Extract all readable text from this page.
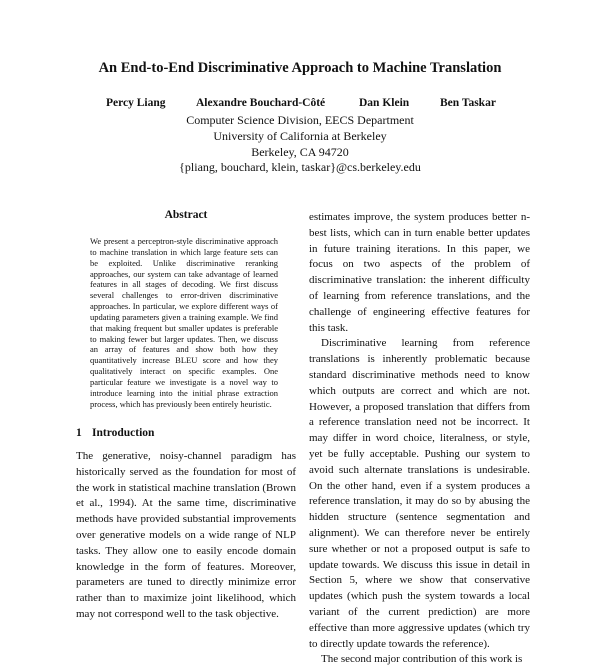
An End-to-End Discriminative Approach to Machine Translation
Percy Liang	Alexandre Bouchard-Côté	Dan Klein	Ben Taskar
Computer Science Division, EECS Department
University of California at Berkeley
Berkeley, CA 94720
{pliang, bouchard, klein, taskar}@cs.berkeley.edu
Abstract

We present a perceptron-style discriminative approach to machine translation in which large feature sets can be exploited. Unlike discriminative reranking approaches, our system can take advantage of learned features in all stages of decoding. We first discuss several challenges to error-driven discriminative approaches. In particular, we explore different ways of updating parameters given a training example. We find that making frequent but smaller updates is preferable to making fewer but larger updates. Then, we discuss an array of features and show both how they quantitatively increase BLEU score and how they qualitatively interact on specific examples. One particular feature we investigate is a novel way to introduce learning into the initial phrase extraction process, which has previously been entirely heuristic.

1 Introduction

The generative, noisy-channel paradigm has historically served as the foundation for most of the work in statistical machine translation (Brown et al., 1994). At the same time, discriminative methods have provided substantial improvements over generative models on a wide range of NLP tasks. They allow one to easily encode domain knowledge in the form of features. Moreover, parameters are tuned to directly minimize error rather than to maximize joint likelihood, which may not correspond well to the task objective.

estimates improve, the system produces better n-best lists, which can in turn enable better updates in future training iterations. In this paper, we focus on two aspects of the problem of discriminative translation: the inherent difficulty of learning from reference translations, and the challenge of engineering effective features for this task.

Discriminative learning from reference translations is inherently problematic because standard discriminative methods need to know which outputs are correct and which are not. However, a proposed translation that differs from a reference translation need not be incorrect. It may differ in word choice, literalness, or style, yet be fully acceptable. Pushing our system to avoid such alternate translations is undesirable. On the other hand, even if a system produces a reference translation, it may do so by abusing the hidden structure (sentence segmentation and alignment). We can therefore never be entirely sure whether or not a proposed output is safe to update towards. We discuss this issue in detail in Section 5, where we show that conservative updates (which push the system towards a local variant of the current prediction) are more effective than more aggressive updates (which try to directly update towards the reference).

The second major contribution of this work is
